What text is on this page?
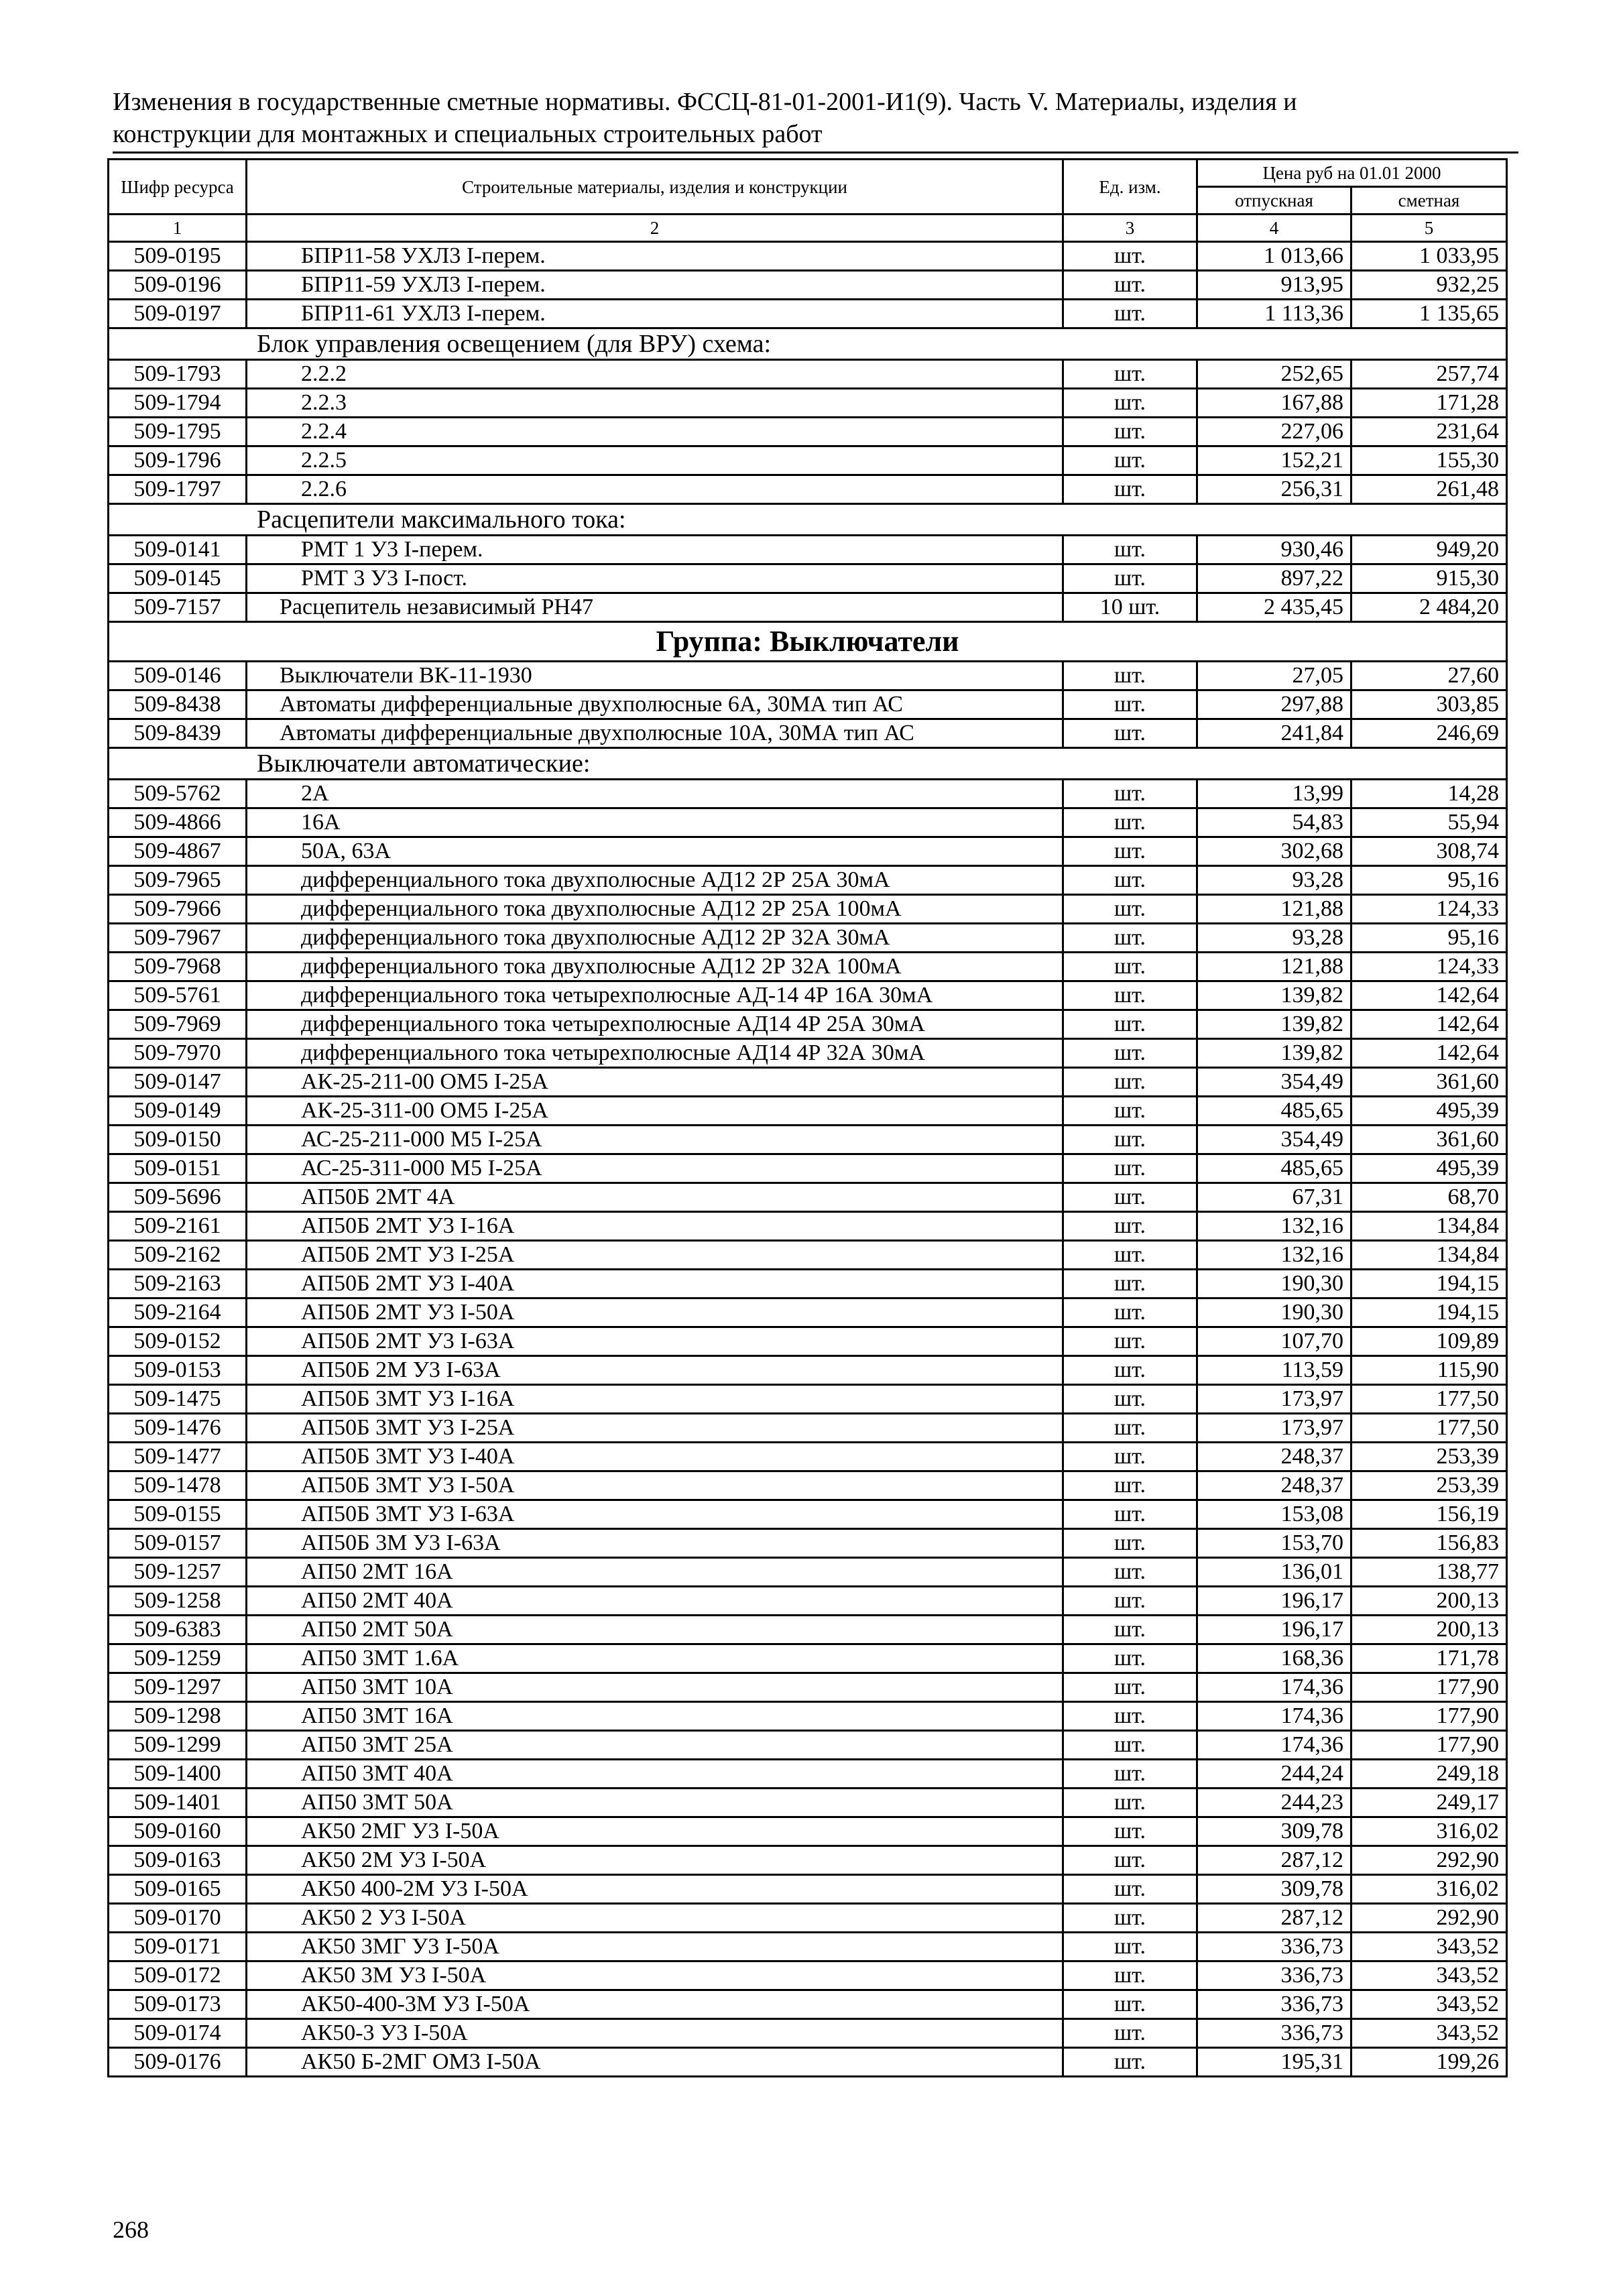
Изменения в государственные сметные нормативы. ФССЦ-81-01-2001-И1(9). Часть V. Материалы, изделия и
конструкции для монтажных и специальных строительных работ
Шифр ресурса	Строительные материалы, изделия и конструкции	Ед. изм.	Цена руб на 01.01 2000	
			отпускная	сметная
1	2	3	4	5
509-0195	БПР11-58 УХЛ3 I-перем.	шт.	1 013,66	1 033,95
509-0196	БПР11-59 УХЛ3 I-перем.	шт.	913,95	932,25
509-0197	БПР11-61 УХЛ3 I-перем.	шт.	1 113,36	1 135,65
Блок управления освещением (для ВРУ) схема:				
509-1793	2.2.2	шт.	252,65	257,74
509-1794	2.2.3	шт.	167,88	171,28
509-1795	2.2.4	шт.	227,06	231,64
509-1796	2.2.5	шт.	152,21	155,30
509-1797	2.2.6	шт.	256,31	261,48
Расцепители максимального тока:				
509-0141	РМТ 1 У3 I-перем.	шт.	930,46	949,20
509-0145	РМТ 3 У3 I-пост.	шт.	897,22	915,30
509-7157	Расцепитель независимый РН47	10 шт.	2 435,45	2 484,20
Группа: Выключатели				
509-0146	Выключатели ВК-11-1930	шт.	27,05	27,60
509-8438	Автоматы дифференциальные двухполюсные 6А, 30МА тип АС	шт.	297,88	303,85
509-8439	Автоматы дифференциальные двухполюсные 10А, 30МА тип АС	шт.	241,84	246,69
Выключатели автоматические:				
509-5762	2А	шт.	13,99	14,28
509-4866	16А	шт.	54,83	55,94
509-4867	50А, 63А	шт.	302,68	308,74
509-7965	дифференциального тока двухполюсные АД12 2Р 25А 30мА	шт.	93,28	95,16
509-7966	дифференциального тока двухполюсные АД12 2Р 25А 100мА	шт.	121,88	124,33
509-7967	дифференциального тока двухполюсные АД12 2Р 32А 30мА	шт.	93,28	95,16
509-7968	дифференциального тока двухполюсные АД12 2Р 32А 100мА	шт.	121,88	124,33
509-5761	дифференциального тока четырехполюсные АД-14 4Р 16А 30мА	шт.	139,82	142,64
509-7969	дифференциального тока четырехполюсные АД14 4Р 25А 30мА	шт.	139,82	142,64
509-7970	дифференциального тока четырехполюсные АД14 4Р 32А 30мА	шт.	139,82	142,64
509-0147	АК-25-211-00 ОМ5 I-25А	шт.	354,49	361,60
509-0149	АК-25-311-00 ОМ5 I-25А	шт.	485,65	495,39
509-0150	АС-25-211-000 М5 I-25А	шт.	354,49	361,60
509-0151	АС-25-311-000 М5 I-25А	шт.	485,65	495,39
509-5696	АП50Б 2МТ 4А	шт.	67,31	68,70
509-2161	АП50Б 2МТ У3 I-16А	шт.	132,16	134,84
509-2162	АП50Б 2МТ У3 I-25А	шт.	132,16	134,84
509-2163	АП50Б 2МТ У3 I-40А	шт.	190,30	194,15
509-2164	АП50Б 2МТ У3 I-50А	шт.	190,30	194,15
509-0152	АП50Б 2МТ У3 I-63А	шт.	107,70	109,89
509-0153	АП50Б 2М У3 I-63А	шт.	113,59	115,90
509-1475	АП50Б 3МТ У3 I-16А	шт.	173,97	177,50
509-1476	АП50Б 3МТ У3 I-25А	шт.	173,97	177,50
509-1477	АП50Б 3МТ У3 I-40А	шт.	248,37	253,39
509-1478	АП50Б 3МТ У3 I-50А	шт.	248,37	253,39
509-0155	АП50Б 3МТ У3 I-63А	шт.	153,08	156,19
509-0157	АП50Б 3М У3 I-63А	шт.	153,70	156,83
509-1257	АП50 2МТ 16А	шт.	136,01	138,77
509-1258	АП50 2МТ 40А	шт.	196,17	200,13
509-6383	АП50 2МТ 50А	шт.	196,17	200,13
509-1259	АП50 3МТ 1.6А	шт.	168,36	171,78
509-1297	АП50 3МТ 10А	шт.	174,36	177,90
509-1298	АП50 3МТ 16А	шт.	174,36	177,90
509-1299	АП50 3МТ 25А	шт.	174,36	177,90
509-1400	АП50 3МТ 40А	шт.	244,24	249,18
509-1401	АП50 3МТ 50А	шт.	244,23	249,17
509-0160	АК50 2МГ У3 I-50А	шт.	309,78	316,02
509-0163	АК50 2М У3 I-50А	шт.	287,12	292,90
509-0165	АК50 400-2М У3 I-50А	шт.	309,78	316,02
509-0170	АК50 2 У3 I-50А	шт.	287,12	292,90
509-0171	АК50 3МГ У3 I-50А	шт.	336,73	343,52
509-0172	АК50 3М У3 I-50А	шт.	336,73	343,52
509-0173	АК50-400-3М У3 I-50А	шт.	336,73	343,52
509-0174	АК50-3 У3 I-50А	шт.	336,73	343,52
509-0176	АК50 Б-2МГ ОМ3 I-50А	шт.	195,31	199,26
268
